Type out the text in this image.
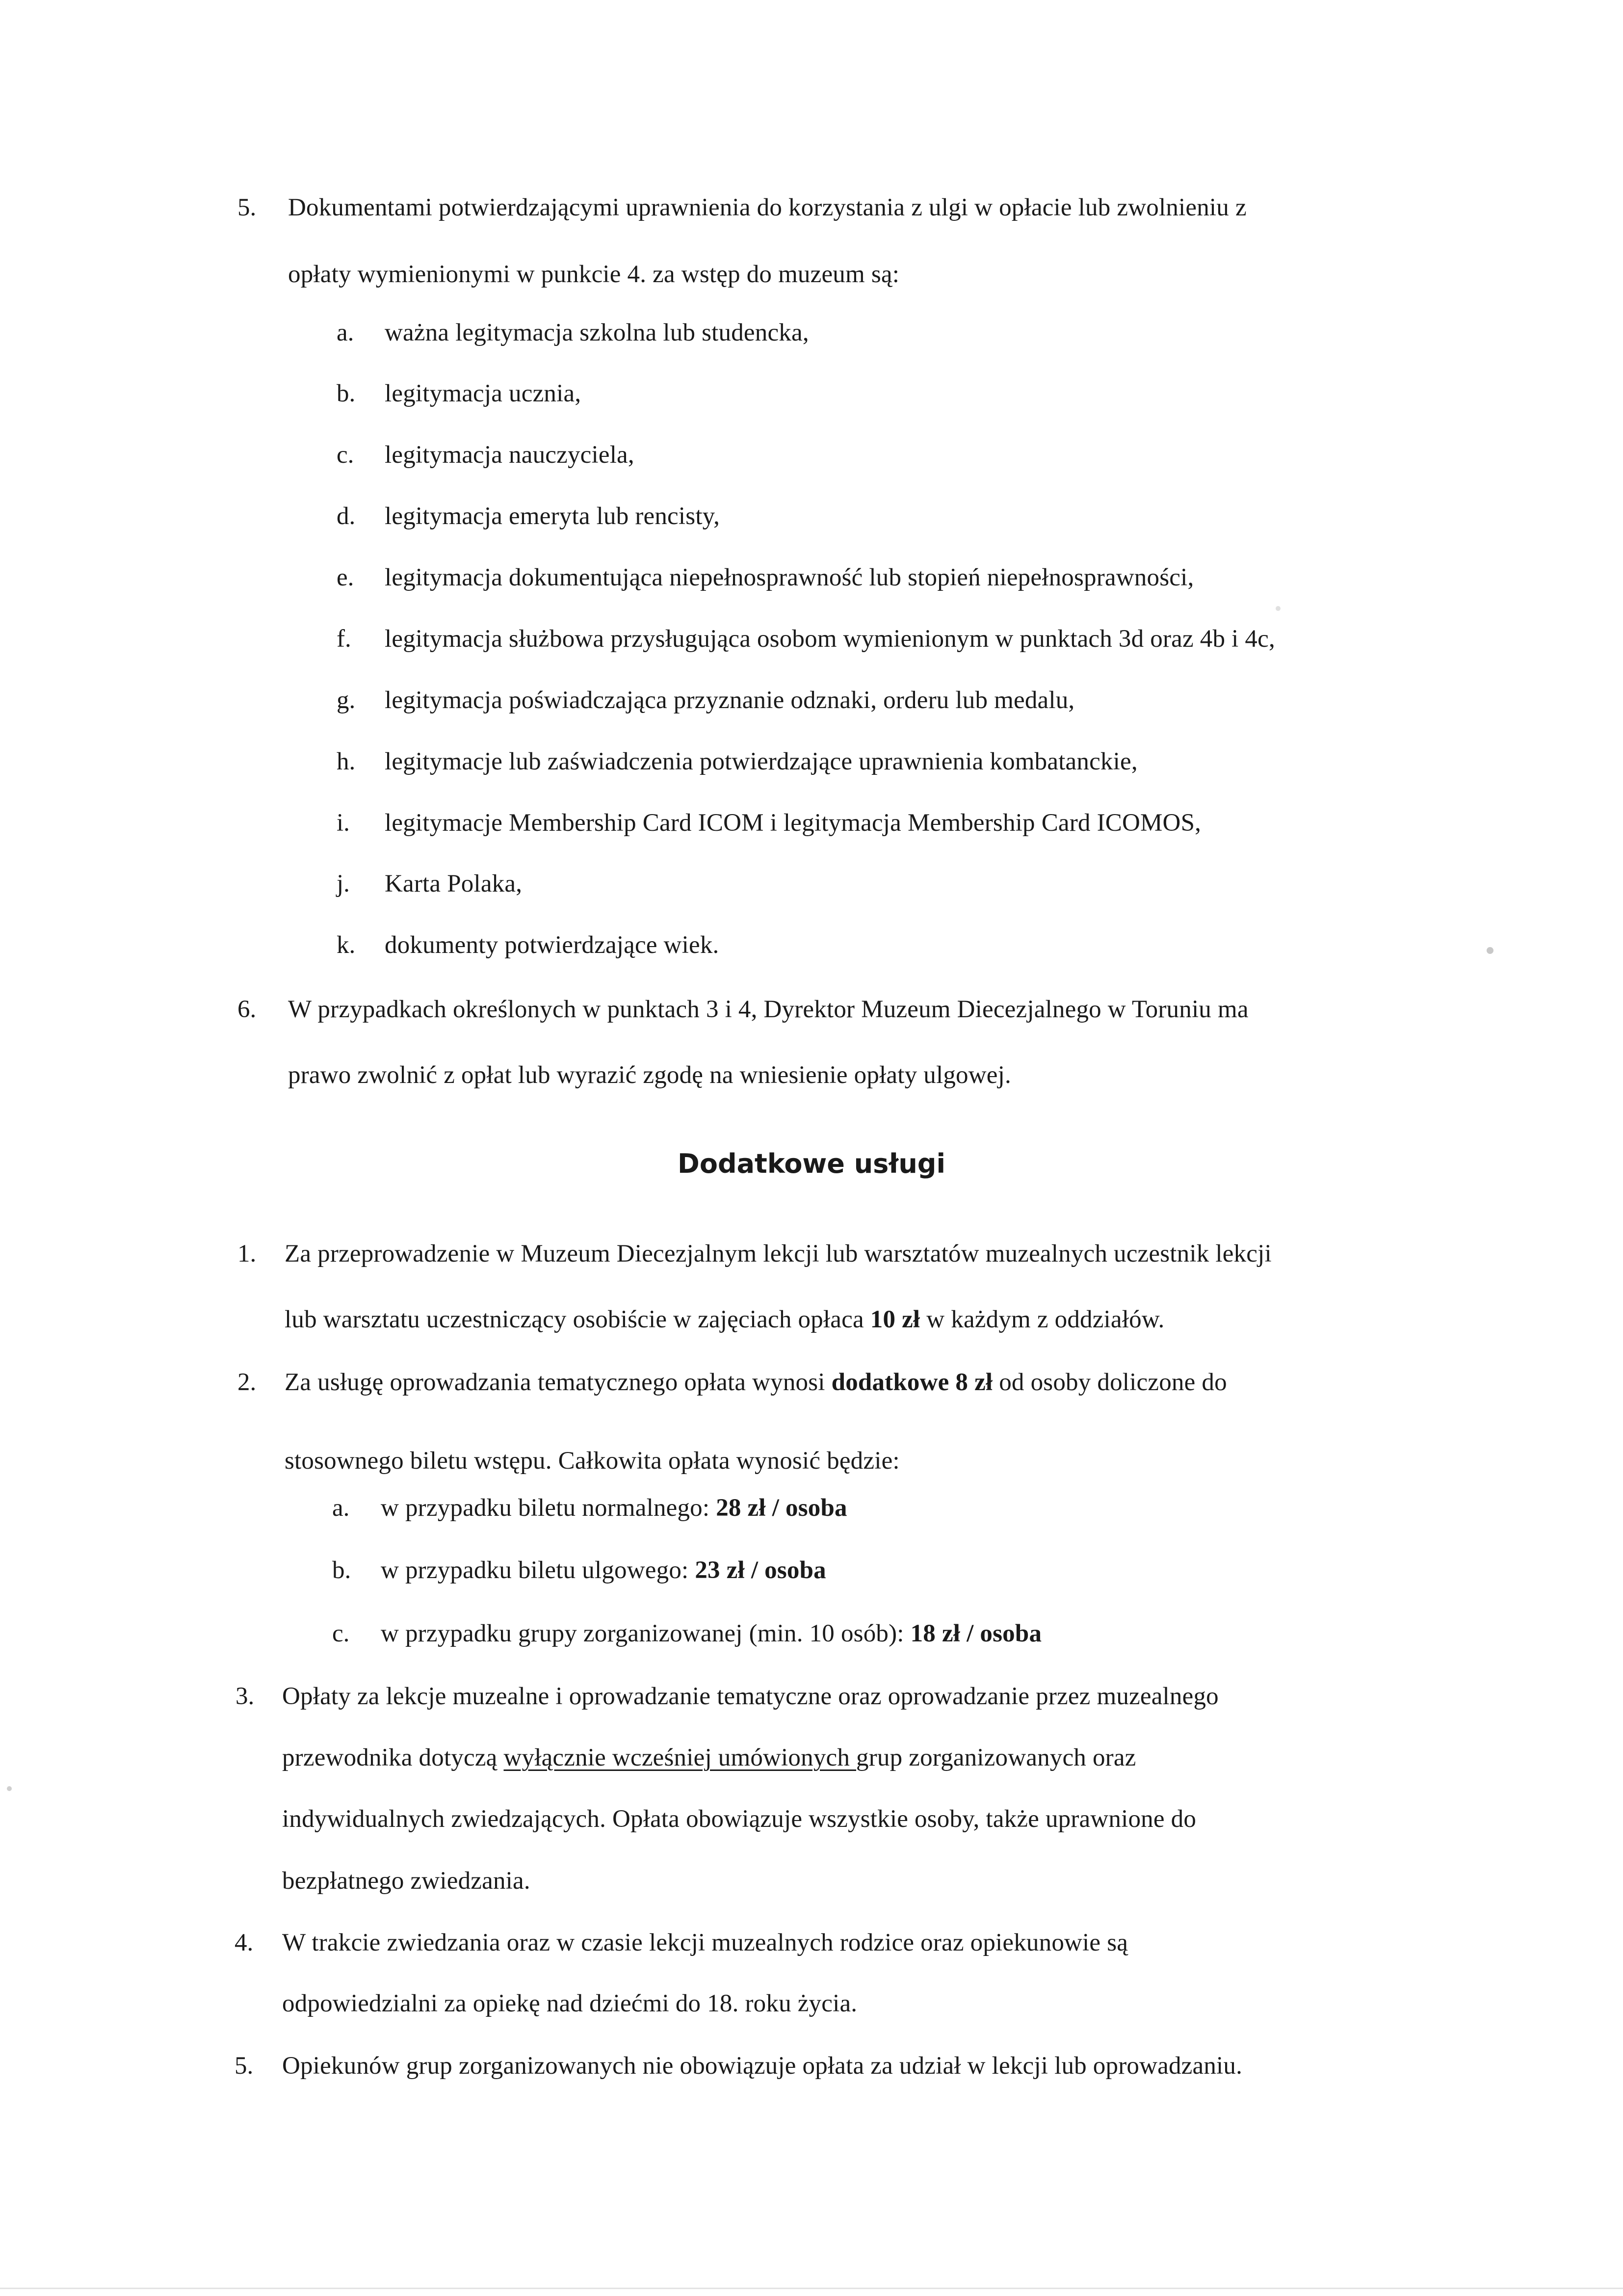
5. Dokumentami potwierdzającymi uprawnienia do korzystania z ulgi w opłacie lub zwolnieniu z
opłaty wymienionymi w punkcie 4. za wstęp do muzeum są:
a. ważna legitymacja szkolna lub studencka,
b. legitymacja ucznia,
c. legitymacja nauczyciela,
d. legitymacja emeryta lub rencisty,
e. legitymacja dokumentująca niepełnosprawność lub stopień niepełnosprawności,
f. legitymacja służbowa przysługująca osobom wymienionym w punktach 3d oraz 4b i 4c,
g. legitymacja poświadczająca przyznanie odznaki, orderu lub medalu,
h. legitymacje lub zaświadczenia potwierdzające uprawnienia kombatanckie,
i. legitymacje Membership Card ICOM i legitymacja Membership Card ICOMOS,
j. Karta Polaka,
k. dokumenty potwierdzające wiek.
6. W przypadkach określonych w punktach 3 i 4, Dyrektor Muzeum Diecezjalnego w Toruniu ma
prawo zwolnić z opłat lub wyrazić zgodę na wniesienie opłaty ulgowej.
Dodatkowe usługi
1. Za przeprowadzenie w Muzeum Diecezjalnym lekcji lub warsztatów muzealnych uczestnik lekcji
lub warsztatu uczestniczący osobiście w zajęciach opłaca 10 zł w każdym z oddziałów.
2. Za usługę oprowadzania tematycznego opłata wynosi dodatkowe 8 zł od osoby doliczone do
stosownego biletu wstępu. Całkowita opłata wynosić będzie:
a. w przypadku biletu normalnego: 28 zł / osoba
b. w przypadku biletu ulgowego: 23 zł / osoba
c. w przypadku grupy zorganizowanej (min. 10 osób): 18 zł / osoba
3. Opłaty za lekcje muzealne i oprowadzanie tematyczne oraz oprowadzanie przez muzealnego
przewodnika dotyczą wyłącznie wcześniej umówionych grup zorganizowanych oraz
indywidualnych zwiedzających. Opłata obowiązuje wszystkie osoby, także uprawnione do
bezpłatnego zwiedzania.
4. W trakcie zwiedzania oraz w czasie lekcji muzealnych rodzice oraz opiekunowie są
odpowiedzialni za opiekę nad dziećmi do 18. roku życia.
5. Opiekunów grup zorganizowanych nie obowiązuje opłata za udział w lekcji lub oprowadzaniu.
